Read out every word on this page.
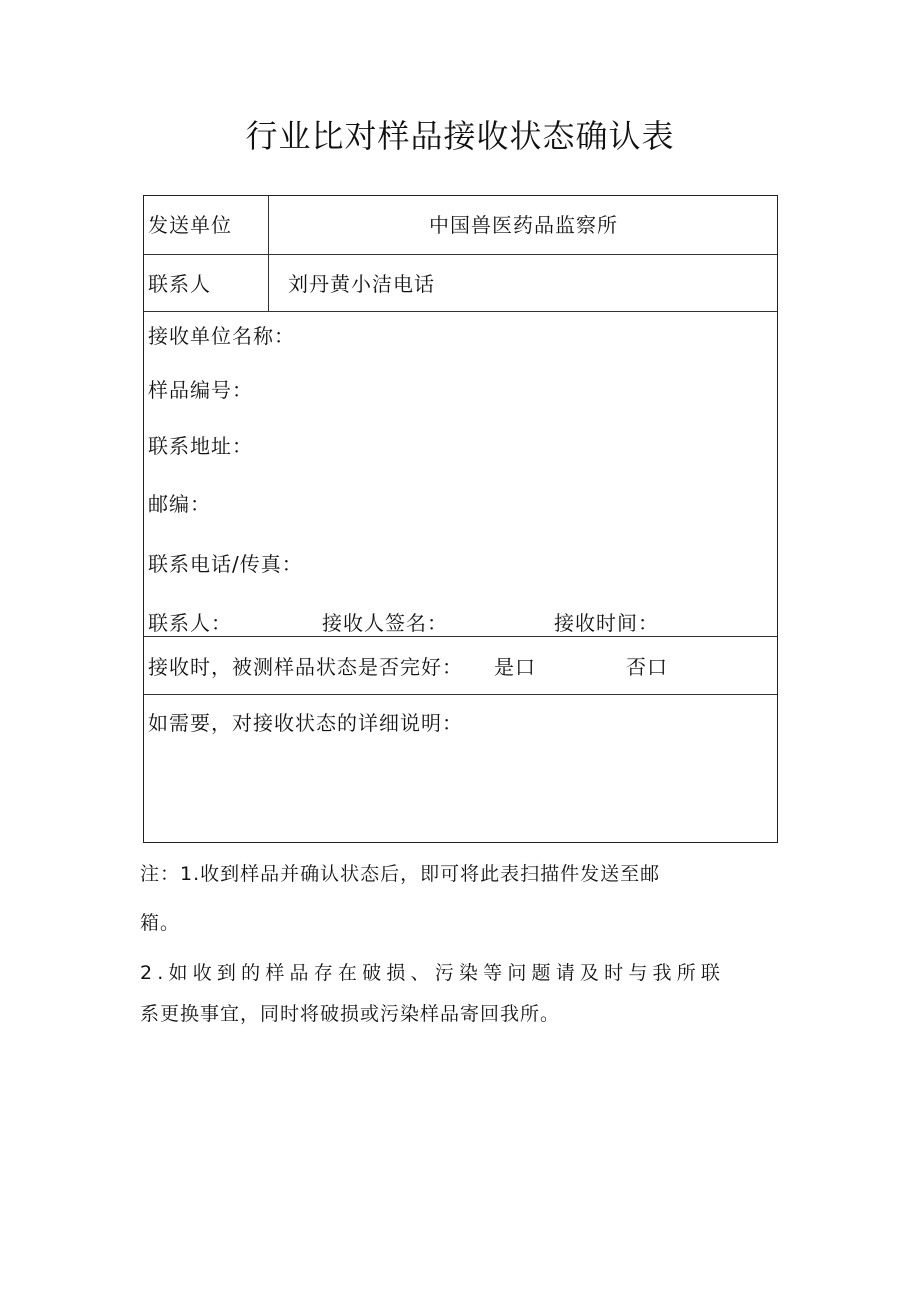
行业比对样品接收状态确认表
发送单位	中国兽医药品监察所
联系人	刘丹黄小洁电话
接收单位名称：
样品编号：
联系地址：
邮编：
联系电话/传真：
联系人：	接收人签名：	接收时间：
接收时，被测样品状态是否完好： 是口	否口
如需要，对接收状态的详细说明：
注：1.收到样品并确认状态后，即可将此表扫描件发送至邮
箱。
2.如收到的样品存在破损、污染等问题请及时与我所联
系更换事宜，同时将破损或污染样品寄回我所。
